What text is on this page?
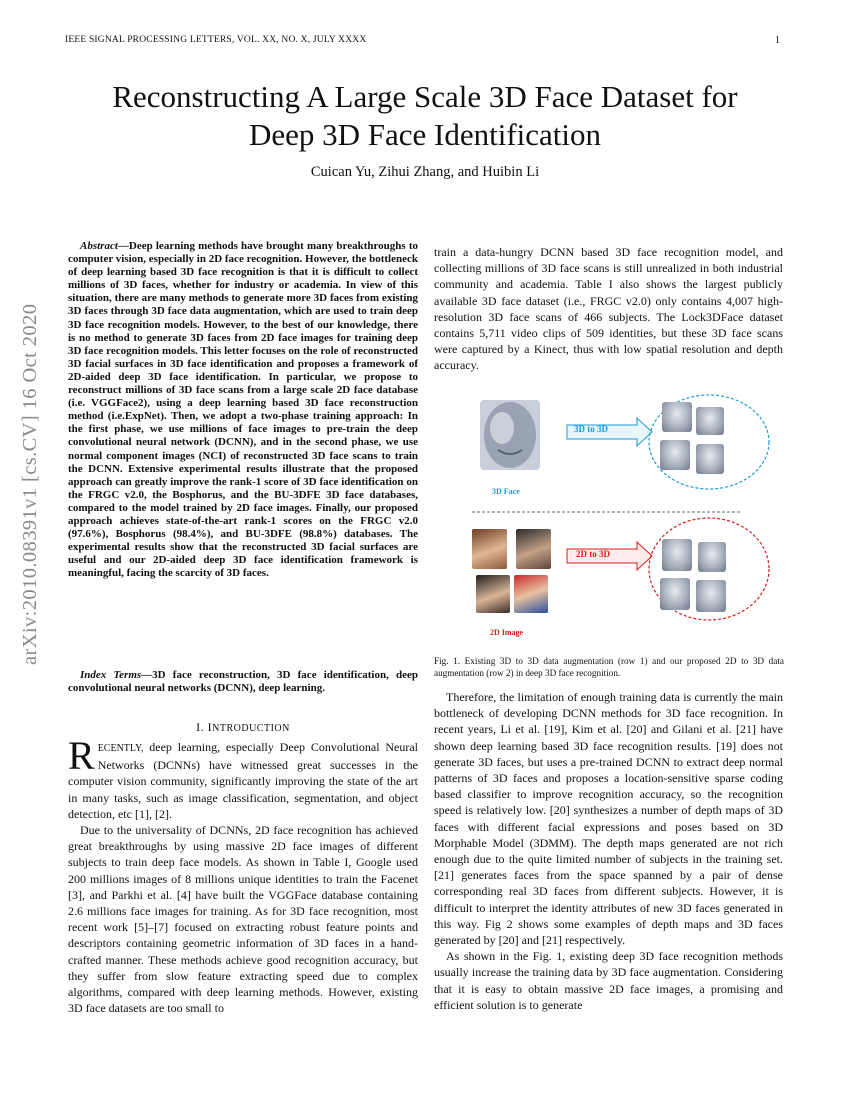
IEEE SIGNAL PROCESSING LETTERS, VOL. XX, NO. X, JULY XXXX	1
Reconstructing A Large Scale 3D Face Dataset for
Deep 3D Face Identification
Cuican Yu, Zihui Zhang, and Huibin Li
arXiv:2010.08391v1 [cs.CV] 16 Oct 2020
Abstract—Deep learning methods have brought many breakthroughs to computer vision, especially in 2D face recognition. However, the bottleneck of deep learning based 3D face recognition is that it is difficult to collect millions of 3D faces, whether for industry or academia. In view of this situation, there are many methods to generate more 3D faces from existing 3D faces through 3D face data augmentation, which are used to train deep 3D face recognition models. However, to the best of our knowledge, there is no method to generate 3D faces from 2D face images for training deep 3D face recognition models. This letter focuses on the role of reconstructed 3D facial surfaces in 3D face identification and proposes a framework of 2D-aided deep 3D face identification. In particular, we propose to reconstruct millions of 3D face scans from a large scale 2D face database (i.e. VGGFace2), using a deep learning based 3D face reconstruction method (i.e.ExpNet). Then, we adopt a two-phase training approach: In the first phase, we use millions of face images to pre-train the deep convolutional neural network (DCNN), and in the second phase, we use normal component images (NCI) of reconstructed 3D face scans to train the DCNN. Extensive experimental results illustrate that the proposed approach can greatly improve the rank-1 score of 3D face identification on the FRGC v2.0, the Bosphorus, and the BU-3DFE 3D face databases, compared to the model trained by 2D face images. Finally, our proposed approach achieves state-of-the-art rank-1 scores on the FRGC v2.0 (97.6%), Bosphorus (98.4%), and BU-3DFE (98.8%) databases. The experimental results show that the reconstructed 3D facial surfaces are useful and our 2D-aided deep 3D face identification framework is meaningful, facing the scarcity of 3D faces.
Index Terms—3D face reconstruction, 3D face identification, deep convolutional neural networks (DCNN), deep learning.
I. INTRODUCTION

RECENTLY, deep learning, especially Deep Convolutional Neural Networks (DCNNs) have witnessed great successes in the computer vision community, significantly improving the state of the art in many tasks, such as image classification, segmentation, and object detection, etc [1], [2].

Due to the universality of DCNNs, 2D face recognition has achieved great breakthroughs by using massive 2D face images of different subjects to train deep face models. As shown in Table I, Google used 200 millions images of 8 millions unique identities to train the Facenet [3], and Parkhi et al. [4] have built the VGGFace database containing 2.6 millions face images for training. As for 3D face recognition, most recent work [5]–[7] focused on extracting robust feature points and descriptors containing geometric information of 3D faces in a hand-crafted manner. These methods achieve good recognition accuracy, but they suffer from slow feature extracting speed due to complex algorithms, compared with deep learning methods. However, existing 3D face datasets are too small to

train a data-hungry DCNN based 3D face recognition model, and collecting millions of 3D face scans is still unrealized in both industrial community and academia. Table I also shows the largest publicly available 3D face dataset (i.e., FRGC v2.0) only contains 4,007 high-resolution 3D face scans of 466 subjects. The Lock3DFace dataset contains 5,711 video clips of 509 identities, but these 3D face scans were captured by a Kinect, thus with low spatial resolution and depth accuracy.
3D to 3D
2D to 3D
3D Face
2D Image
Fig. 1. Existing 3D to 3D data augmentation (row 1) and our proposed 2D to 3D data augmentation (row 2) in deep 3D face recognition.

Therefore, the limitation of enough training data is currently the main bottleneck of developing DCNN methods for 3D face recognition. In recent years, Li et al. [19], Kim et al. [20] and Gilani et al. [21] have shown deep learning based 3D face recognition results. [19] does not generate 3D faces, but uses a pre-trained DCNN to extract deep normal patterns of 3D faces and proposes a location-sensitive sparse coding based classifier to improve recognition accuracy, so the recognition speed is relatively low. [20] synthesizes a number of depth maps of 3D faces with different facial expressions and poses based on 3D Morphable Model (3DMM). The depth maps generated are not rich enough due to the quite limited number of subjects in the training set. [21] generates faces from the space spanned by a pair of dense corresponding real 3D faces from different subjects. However, it is difficult to interpret the identity attributes of new 3D faces generated in this way. Fig 2 shows some examples of depth maps and 3D faces generated by [20] and [21] respectively.

As shown in the Fig. 1, existing deep 3D face recognition methods usually increase the training data by 3D face augmentation. Considering that it is easy to obtain massive 2D face images, a promising and efficient solution is to generate
